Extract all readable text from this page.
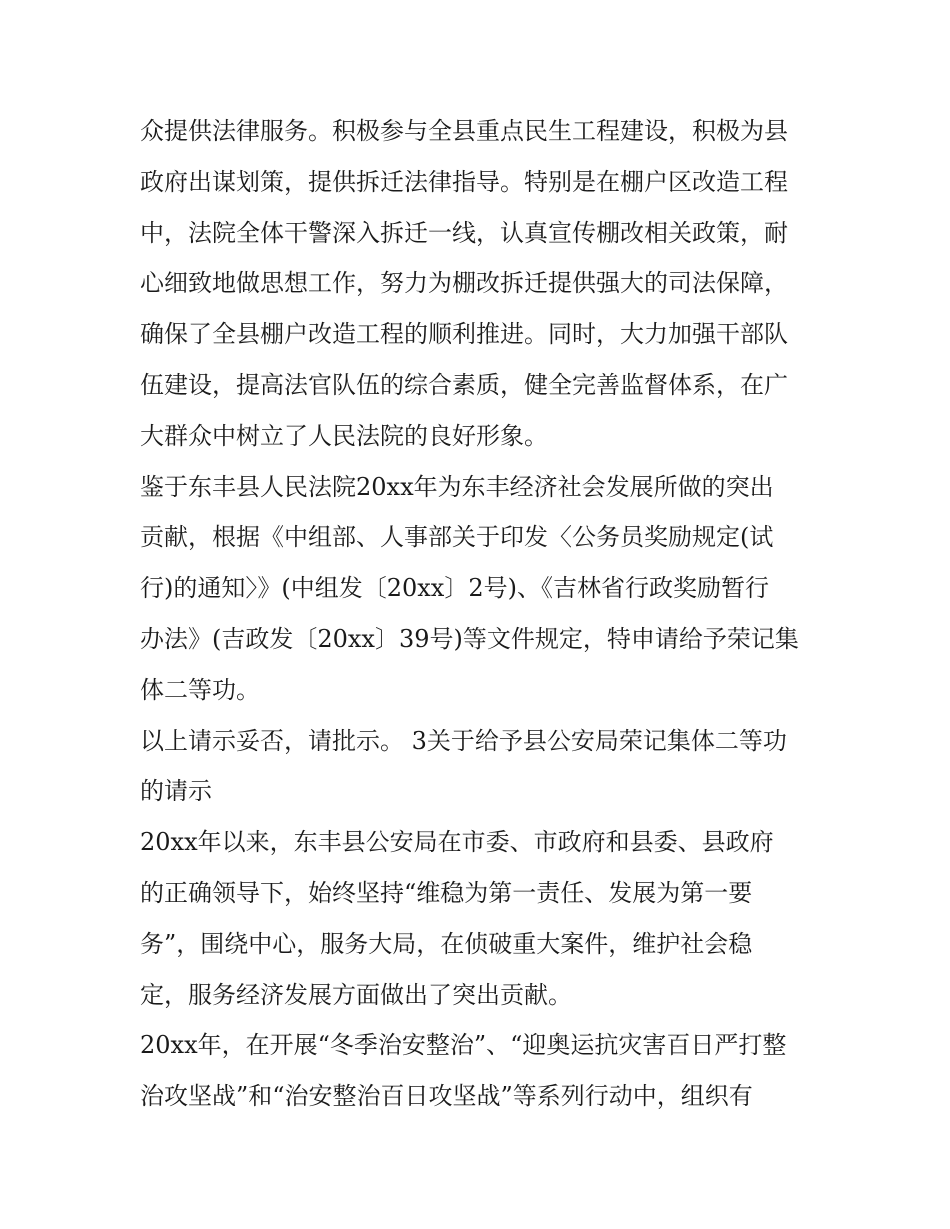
众提供法律服务。积极参与全县重点民生工程建设，积极为县
政府出谋划策，提供拆迁法律指导。特别是在棚户区改造工程
中，法院全体干警深入拆迁一线，认真宣传棚改相关政策，耐
心细致地做思想工作，努力为棚改拆迁提供强大的司法保障，
确保了全县棚户改造工程的顺利推进。同时，大力加强干部队
伍建设，提高法官队伍的综合素质，健全完善监督体系，在广
大群众中树立了人民法院的良好形象。
鉴于东丰县人民法院20xx年为东丰经济社会发展所做的突出
贡献，根据《中组部、人事部关于印发〈公务员奖励规定(试
行)的通知〉》(中组发〔20xx〕2号)、《吉林省行政奖励暂行
办法》(吉政发〔20xx〕39号)等文件规定，特申请给予荣记集
体二等功。
以上请示妥否，请批示。 3关于给予县公安局荣记集体二等功
的请示
20xx年以来，东丰县公安局在市委、市政府和县委、县政府
的正确领导下，始终坚持“维稳为第一责任、发展为第一要
务”，围绕中心，服务大局，在侦破重大案件，维护社会稳
定，服务经济发展方面做出了突出贡献。
20xx年，在开展“冬季治安整治”、“迎奥运抗灾害百日严打整
治攻坚战”和“治安整治百日攻坚战”等系列行动中，组织有
